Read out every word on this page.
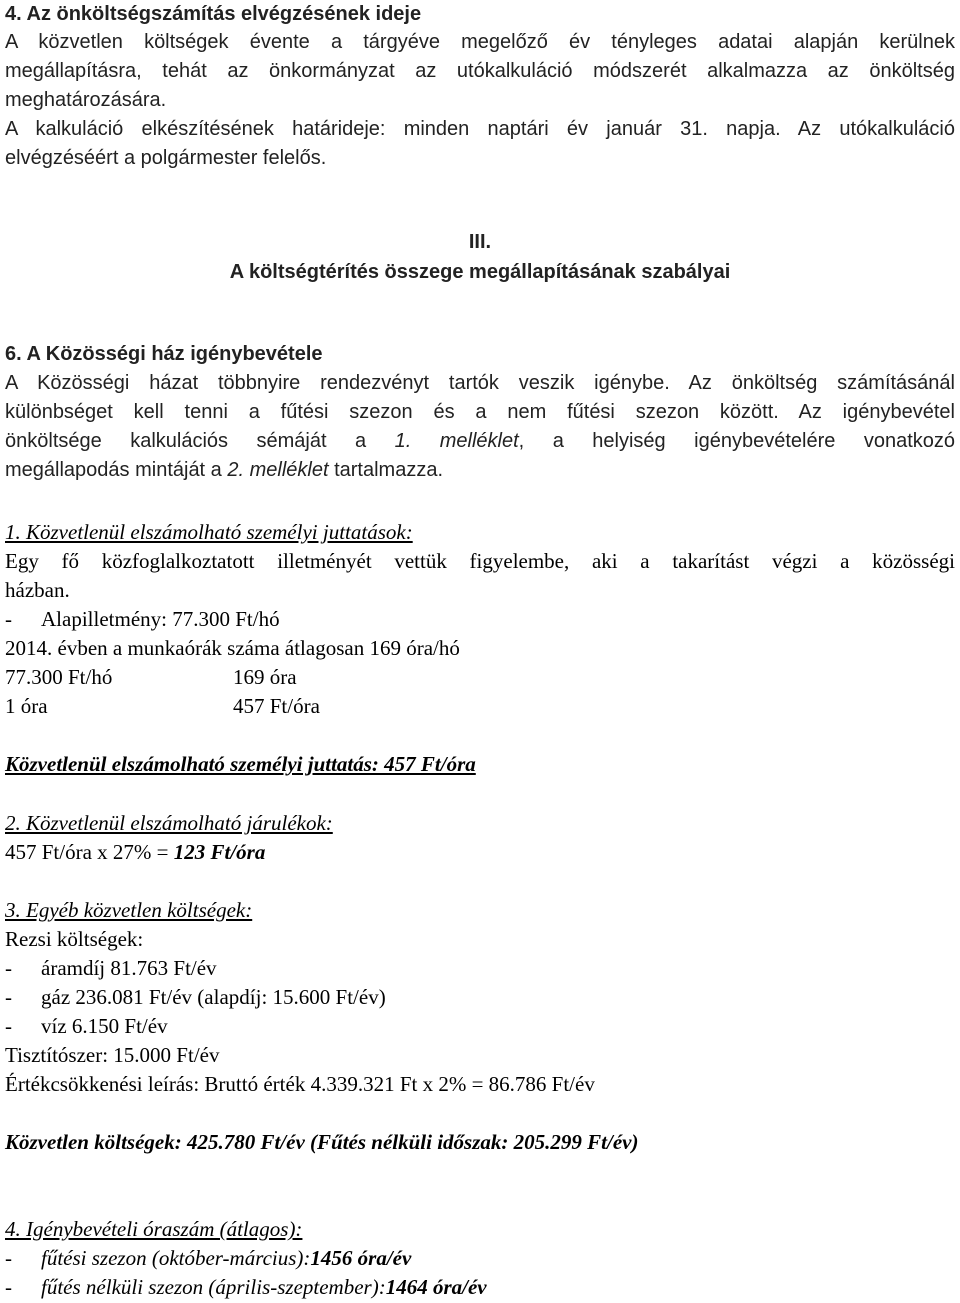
4. Az önköltségszámítás elvégzésének ideje
A közvetlen költségek évente a tárgyéve megelőző év tényleges adatai alapján kerülnek
megállapításra, tehát az önkormányzat az utókalkuláció módszerét alkalmazza az önköltség
meghatározására.
A kalkuláció elkészítésének határideje: minden naptári év január 31. napja. Az utókalkuláció
elvégzéséért a polgármester felelős.
III.
A költségtérítés összege megállapításának szabályai
6. A Közösségi ház igénybevétele
A Közösségi házat többnyire rendezvényt tartók veszik igénybe. Az önköltség számításánál
különbséget kell tenni a fűtési szezon és a nem fűtési szezon között. Az igénybevétel
önköltsége kalkulációs sémáját a 1. melléklet, a helyiség igénybevételére vonatkozó
megállapodás mintáját a 2. melléklet tartalmazza.
1. Közvetlenül elszámolható személyi juttatások:
Egy fő közfoglalkoztatott illetményét vettük figyelembe, aki a takarítást végzi a közösségi
házban.
- Alapilletmény: 77.300 Ft/hó
2014. évben a munkaórák száma átlagosan 169 óra/hó
77.300 Ft/hó	169 óra
1 óra	457 Ft/óra
Közvetlenül elszámolható személyi juttatás: 457 Ft/óra
2. Közvetlenül elszámolható járulékok:
457 Ft/óra x 27% = 123 Ft/óra
3. Egyéb közvetlen költségek:
Rezsi költségek:
- áramdíj 81.763 Ft/év
- gáz 236.081 Ft/év (alapdíj: 15.600 Ft/év)
- víz 6.150 Ft/év
Tisztítószer: 15.000 Ft/év
Értékcsökkenési leírás: Bruttó érték 4.339.321 Ft x 2% = 86.786 Ft/év
Közvetlen költségek: 425.780 Ft/év (Fűtés nélküli időszak: 205.299 Ft/év)
4. Igénybevételi óraszám (átlagos):
- fűtési szezon (október-március):1456 óra/év
- fűtés nélküli szezon (április-szeptember):1464 óra/év
